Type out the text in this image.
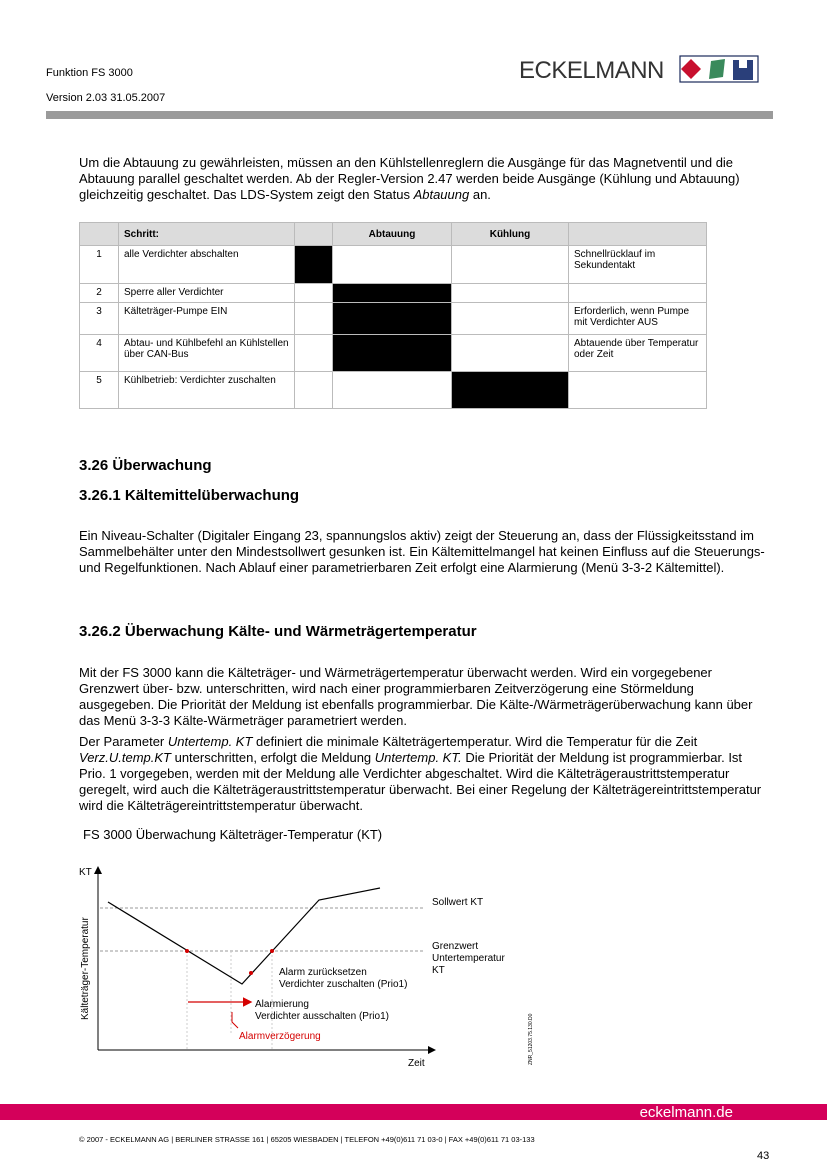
Funktion FS 3000
Version 2.03 31.05.2007
ECKELMANN

Um die Abtauung zu gewährleisten, müssen an den Kühlstellenreglern die Ausgänge für das Magnetventil und die Abtauung parallel geschaltet werden. Ab der Regler-Version 2.47 werden beide Ausgänge (Kühlung und Abtauung) gleichzeitig geschaltet. Das LDS-System zeigt den Status Abtauung an.

	Schritt:		Abtauung	Kühlung	
1	alle Verdichter abschalten				Schnellrücklauf im Sekundentakt
2	Sperre aller Verdichter				
3	Kälteträger-Pumpe EIN				Erforderlich, wenn Pumpe mit Verdichter AUS
4	Abtau- und Kühlbefehl an Kühlstellen über CAN-Bus				Abtauende über Temperatur oder Zeit
5	Kühlbetrieb: Verdichter zuschalten				
3.26 Überwachung
3.26.1 Kältemittelüberwachung

Ein Niveau-Schalter (Digitaler Eingang 23, spannungslos aktiv) zeigt der Steuerung an, dass der Flüssigkeitsstand im Sammelbehälter unter den Mindestsollwert gesunken ist. Ein Kältemittelmangel hat keinen Einfluss auf die Steuerungs- und Regelfunktionen. Nach Ablauf einer parametrierbaren Zeit erfolgt eine Alarmierung (Menü 3-3-2 Kältemittel).

3.26.2 Überwachung Kälte- und Wärmeträgertemperatur

Mit der FS 3000 kann die Kälteträger- und Wärmeträgertemperatur überwacht werden. Wird ein vorgegebener Grenzwert über- bzw. unterschritten, wird nach einer programmierbaren Zeitverzögerung eine Störmeldung ausgegeben. Die Priorität der Meldung ist ebenfalls programmierbar. Die Kälte-/Wärmeträgerüberwachung kann über das Menü 3-3-3 Kälte-Wärmeträger parametriert werden.

Der Parameter Untertemp. KT definiert die minimale Kälteträgertemperatur. Wird die Temperatur für die Zeit Verz.U.temp.KT unterschritten, erfolgt die Meldung Untertemp. KT. Die Priorität der Meldung ist programmierbar. Ist Prio. 1 vorgegeben, werden mit der Meldung alle Verdichter abgeschaltet. Wird die Kälteträgeraustrittstemperatur geregelt, wird auch die Kälteträgeraustrittstemperatur überwacht. Bei einer Regelung der Kälteträgereintrittstemperatur wird die Kälteträgereintrittstemperatur überwacht.

FS 3000 Überwachung Kälteträger-Temperatur (KT)
KT
Kälteträger-Temperatur
Zeit
Sollwert KT
Grenzwert
Untertemperatur
KT
Alarm zurücksetzen
Verdichter zuschalten (Prio1)
Alarmierung
Verdichter ausschalten (Prio1)
Alarmverzögerung	ZNR_51203.75.130.D0
eckelmann.de
© 2007 - ECKELMANN AG | BERLINER STRASSE 161 | 65205 WIESBADEN | TELEFON +49(0)611 71 03-0 | FAX +49(0)611 71 03-133
43
